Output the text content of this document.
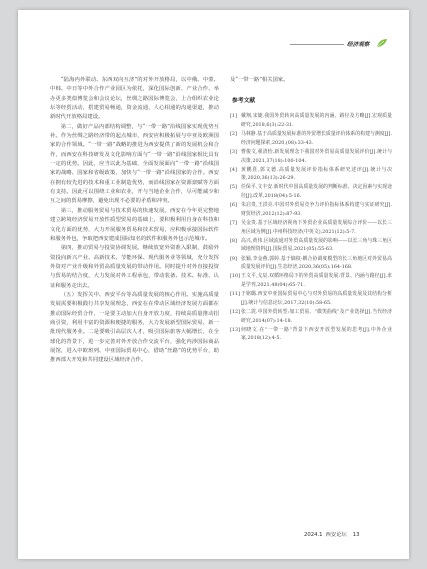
经济观察

“陆海内外联动、东西双向互济”的对外开放格局，以中俄、中蒙、中韩、中日等中外合作产业园区为依托，深化国际创新、产业合作、举办更多类似博览会和会议论坛，丝绸之路国际博览会，上合组织农业论坛等经贸活动，搭建贸易畅通，资金流通，人心相通的沟通渠道，推动新时代开放格局建设。

第二，做好产品内部结构调整，与“一带一路”沿线国家实现优势互补。作为丝绸之路经济带的起点城市，西安应积极拓展与中亚及欧洲国家的合作领域。“一带一路”战略的推进为西安提供了新的发展机会和合作，而西安在科技研发及文化影响方面与“一带一路”沿线国家相比具有一定的优势。因此，应当以此为基础，全面发展面向“一带一路”沿线国家的战略、国家和省级政策，加快与“一带一路”沿线国家的合作。西安在拥有较先进的技术和重工业制造优势，而沿线国家在资源禀赋等方面有支持。因此可以围绕工业和农业，开与当地企业合作，尽可能减少和互之间的贸易摩擦，避免出现不必要的矛盾和冲突。

第三，推动服务贸易与技术贸易的快速发展。西安在今年更完整地建立跨境经济贸易开放性质型贸易的基础上，要积极利用自身在科技和文化方面的优势，大力开展服务贸易和技术贸易，应积极承接国际软件和服务外包，争取把西安建成国际知名的软件和服务外包示范城市。

第四，推动贸易与投资协调发展。继续放宽外资准入限制，鼓励外资投向新兴产业、高新技术、节能环保、现代服务业等领域，充分发挥外资对产业升级和外贸高质量发展的带动作用。同时提升对外直接投资与贸易的结合度，大力发展对外工程承包，带动装备、技术、标准、认证和服务走出去。

（五）发挥关中、西安平台等高质量发展的核心作用。实施高质量发展需要积极践行共享发展理念，西安在在带动区域经济发展方面都在推动国际经贸合作，一是要主动加大自身开放力度，持续高质量推动招商引资，利用丰富的资源和便捷的服务，大力发展新型国际贸易、新一批现代服务业。二是要吸引高层次人才，吸引国际旅客大幅增长，在全球化的背景下，进一步完善对外开放合作交流平台，强化内涉国际商品展馆，进入中欧班列、中亚国际贸易中心，借助“丝路”的优势平台，助推西部大开发和共同建设区域经济合作。

及“一带一路”相关国家。

参考文献
[1] 戴翔,宋婕.我国外贸转向高质量发展的内涵、路径及方略[J].宏观质量研究,2018,6(3):22-31.
[2] 马林静.基于高质量发展标准的外贸增长质量评价体系的构建与测度[J].经济问题探索,2020,(08):33-43.
[3] 曹俊文,翟清怡.新发展理念下我国对外贸易高质量发展评价[J].统计与决策,2021,37(18):100-104.
[4] 黄鹏熹,郭文德.高质量发展评价指标体系研究述评[J].统计与决策,2020,36(13):26-29.
[5] 任保平,文丰安.新时代中国高质量发展的判断标准、决定因素与实现途径[J].改革,2018(04):5-16.
[6] 朱启贵,王洪亮.中国对外贸易竞争力评价指标体系构建与实证研究[J].财贸经济,2012(12):87-93.
[7] 吴金贵.基于区域经济视角下外贸企业高质量发展综合评价——以长三角区域为例[J].中州科技经济(中英文),2021(12):5-7.
[8] 高兴,黄伟.区域流通对外贸高质量发展的影响——以长三角与珠三角区域地理资料[J].国际贸易,2021(05):55-63.
[9] 张颖,李金燕,郭婷.基于熵权-耦合协调度模型的长三角地区对外贸易高质量发展评价[J].生态经济,2020,36(05):164-168.
[10] 王文平,戈辰.双循环格局下的外贸高质量发展:背景、内涵与路径[J].求是学刊,2021,48(04):65-71.
[11] 于铭璐.西安中亚国际贸易中心与对外贸易的高质量发展及其结构分析[J].统计与信息论坛,2017,32(10):58-65.
[12] 张二震.中国外贸转型:加工贸易、“微笑曲线”及产业选择[J].当代经济研究,2014(07):14-18.
[13] 何晓文.在“一带一路”背景下西安开放型发展的思考[J].中外企业家,2018(12):4-5.
2024.1 西安论坛 13
